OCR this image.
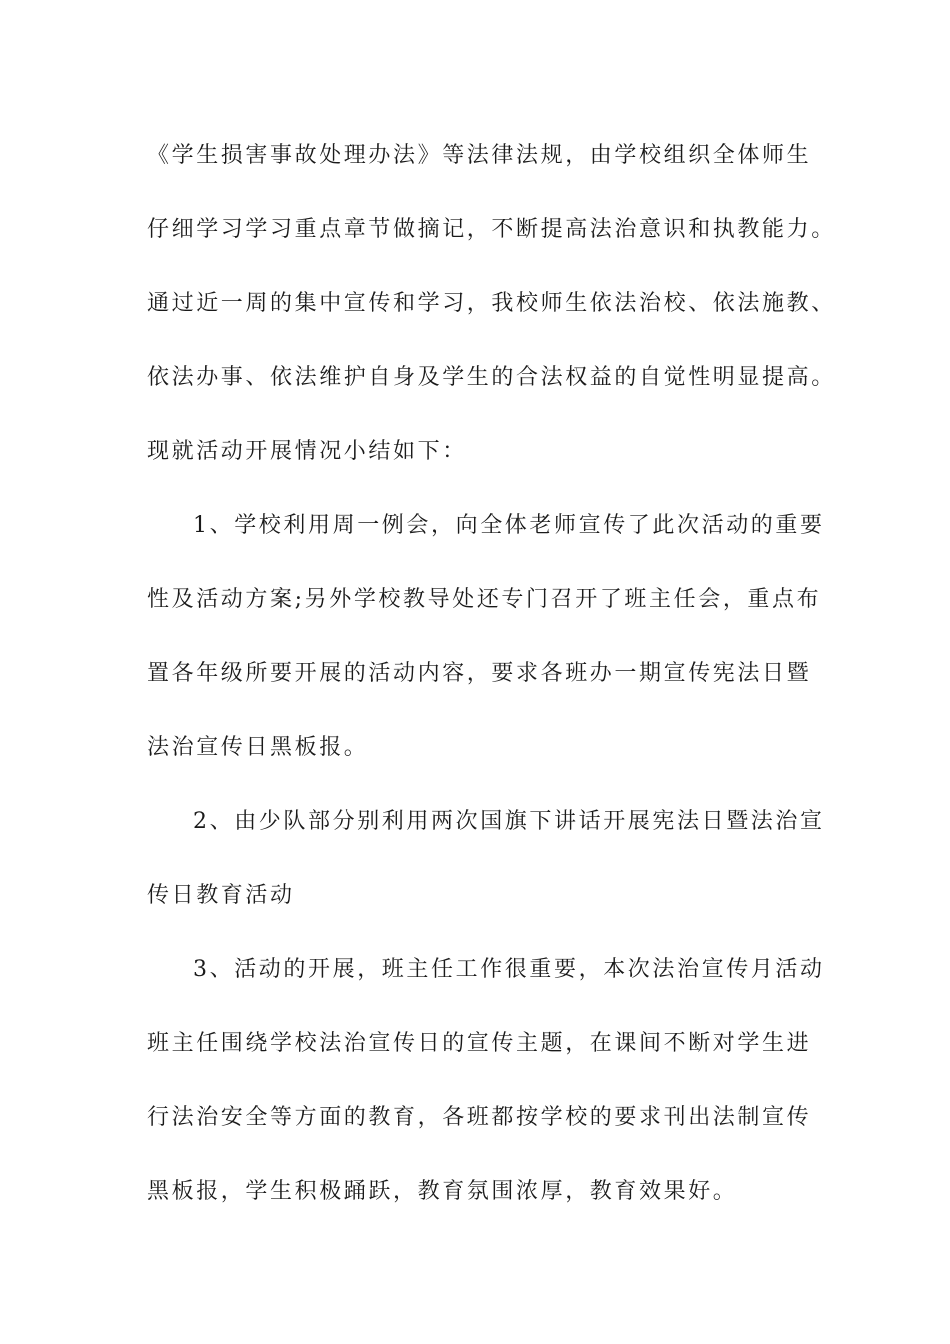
《学生损害事故处理办法》等法律法规，由学校组织全体师生
仔细学习学习重点章节做摘记，不断提高法治意识和执教能力。
通过近一周的集中宣传和学习，我校师生依法治校、依法施教、
依法办事、依法维护自身及学生的合法权益的自觉性明显提高。
现就活动开展情况小结如下：
1、学校利用周一例会，向全体老师宣传了此次活动的重要
性及活动方案;另外学校教导处还专门召开了班主任会，重点布
置各年级所要开展的活动内容，要求各班办一期宣传宪法日暨
法治宣传日黑板报。
2、由少队部分别利用两次国旗下讲话开展宪法日暨法治宣
传日教育活动
3、活动的开展，班主任工作很重要，本次法治宣传月活动
班主任围绕学校法治宣传日的宣传主题，在课间不断对学生进
行法治安全等方面的教育，各班都按学校的要求刊出法制宣传
黑板报，学生积极踊跃，教育氛围浓厚，教育效果好。
